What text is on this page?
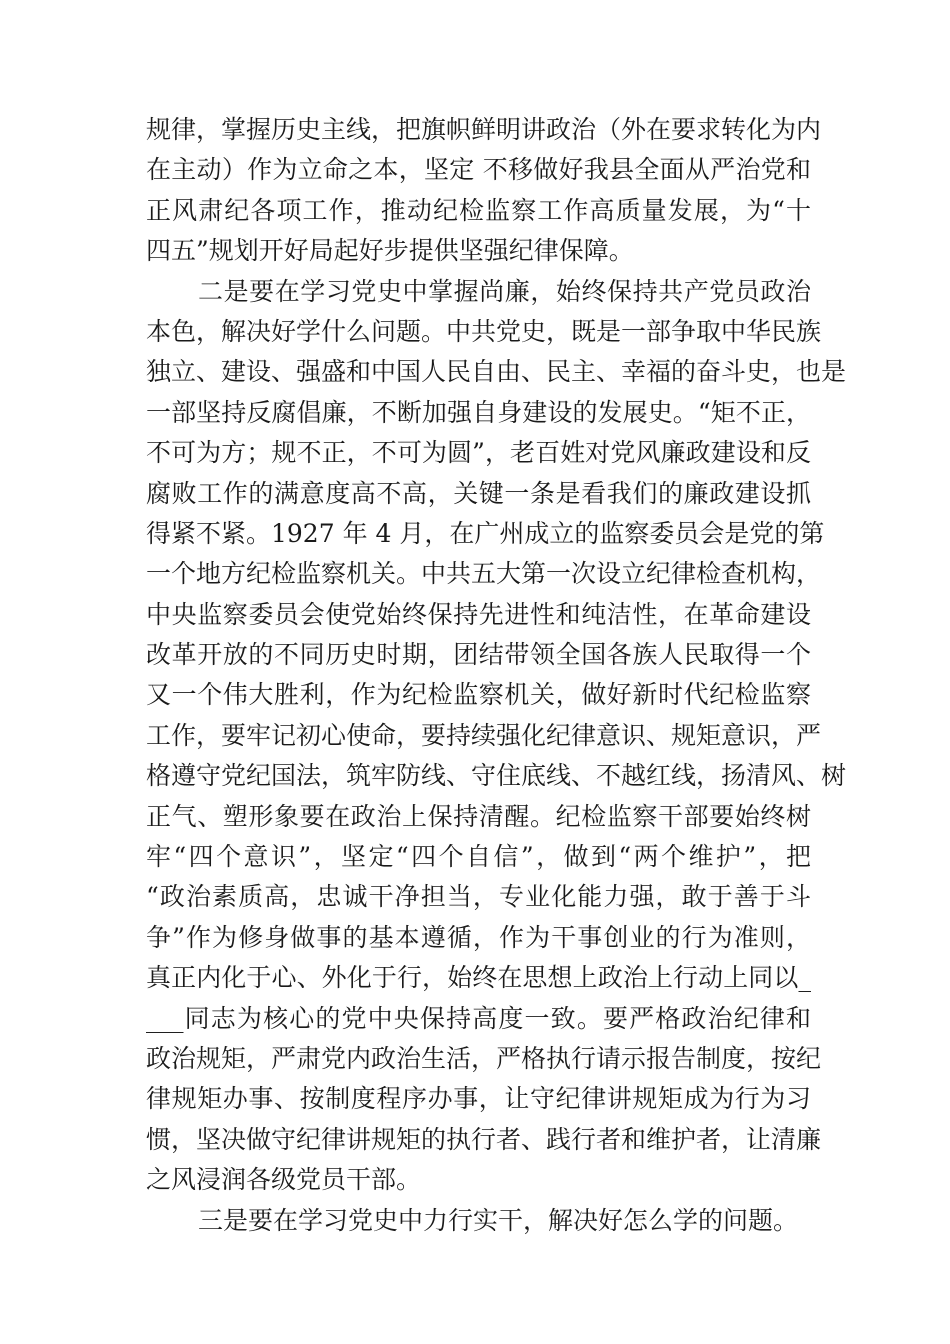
规律，掌握历史主线，把旗帜鲜明讲政治（外在要求转化为内
在主动）作为立命之本，坚定 不移做好我县全面从严治党和
正风肃纪各项工作，推动纪检监察工作高质量发展，为“十
四五”规划开好局起好步提供坚强纪律保障。
二是要在学习党史中掌握尚廉，始终保持共产党员政治
本色，解决好学什么问题。中共党史，既是一部争取中华民族
独立、建设、强盛和中国人民自由、民主、幸福的奋斗史，也是
一部坚持反腐倡廉，不断加强自身建设的发展史。“矩不正，
不可为方；规不正，不可为圆”，老百姓对党风廉政建设和反
腐败工作的满意度高不高，关键一条是看我们的廉政建设抓
得紧不紧。1927 年 4 月，在广州成立的监察委员会是党的第
一个地方纪检监察机关。中共五大第一次设立纪律检查机构，
中央监察委员会使党始终保持先进性和纯洁性，在革命建设
改革开放的不同历史时期，团结带领全国各族人民取得一个
又一个伟大胜利，作为纪检监察机关，做好新时代纪检监察
工作，要牢记初心使命，要持续强化纪律意识、规矩意识，严
格遵守党纪国法，筑牢防线、守住底线、不越红线，扬清风、树
正气、塑形象要在政治上保持清醒。纪检监察干部要始终树
牢“四个意识”，坚定“四个自信”，做到“两个维护”，把
“政治素质高，忠诚干净担当，专业化能力强，敢于善于斗
争”作为修身做事的基本遵循，作为干事创业的行为准则，
真正内化于心、外化于行，始终在思想上政治上行动上同以_
___同志为核心的党中央保持高度一致。要严格政治纪律和
政治规矩，严肃党内政治生活，严格执行请示报告制度，按纪
律规矩办事、按制度程序办事，让守纪律讲规矩成为行为习
惯，坚决做守纪律讲规矩的执行者、践行者和维护者，让清廉
之风浸润各级党员干部。
三是要在学习党史中力行实干，解决好怎么学的问题。
